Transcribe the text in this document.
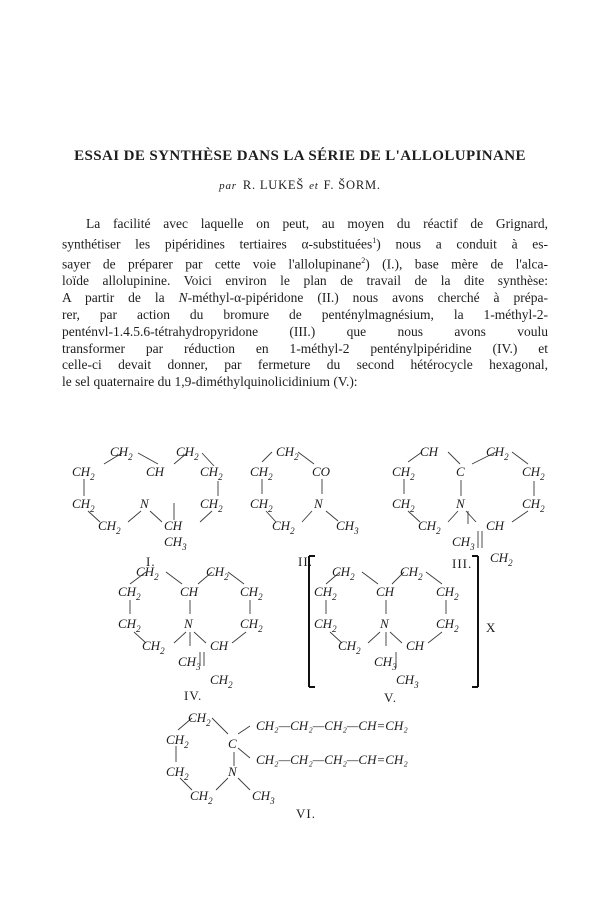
ESSAI DE SYNTHÈSE DANS LA SÉRIE DE L'ALLOLUPINANE
par R. LUKEŠ et F. ŠORM.

La facilité avec laquelle on peut, au moyen du réactif de Grignard,
synthétiser les pipéridines tertiaires α-substituées$^1$) nous a conduit à es-
sayer de préparer par cette voie l'allolupinane$^2$) (I.), base mère de l'alca-
loïde allolupinine. Voici environ le plan de travail de la dite synthèse:
A partir de la N-méthyl-α-pipéridone (II.) nous avons cherché à prépa-
rer, par action du bromure de penténylmagnésium, la 1-méthyl-2-
penténvl-1.4.5.6-tétrahydropyridone (III.) que nous avons voulu
transformer par réduction en 1-méthyl-2 penténylpipéridine (IV.) et
celle-ci devait donner, par fermeture du second hétérocycle hexagonal,
le sel quaternaire du 1,9-diméthylquinolicidinium (V.):

$CH_2$	$CH_2$
$CH_2$	CH	$CH_2$
$CH_2$	N	$CH_2$
$CH_2$	CH
$CH_3$
I.
$CH_2$
$CH_2$	CO
$CH_2$	N
$CH_2$	$CH_3$
II.
CH	$CH_2$
$CH_2$	C	$CH_2$
$CH_2$	N	$CH_2$
$CH_2$	CH
$CH_3$
$CH_2$
III.
$CH_2$	$CH_2$
$CH_2$	CH	$CH_2$
$CH_2$	N	$CH_2$
$CH_2$	CH
$CH_3$
$CH_2$
IV.
$CH_2$	$CH_2$
$CH_2$	CH	$CH_2$
$CH_2$	N	$CH_2$
$CH_2$	CH
$CH_3$
$CH_3$
X
V.
$CH_2$	CH₂—CH₂—CH₂—CH=CH₂
$CH_2$	C
CH₂—CH₂—CH₂—CH=CH₂
$CH_2$	N
$CH_2$	$CH_3$
VI.
